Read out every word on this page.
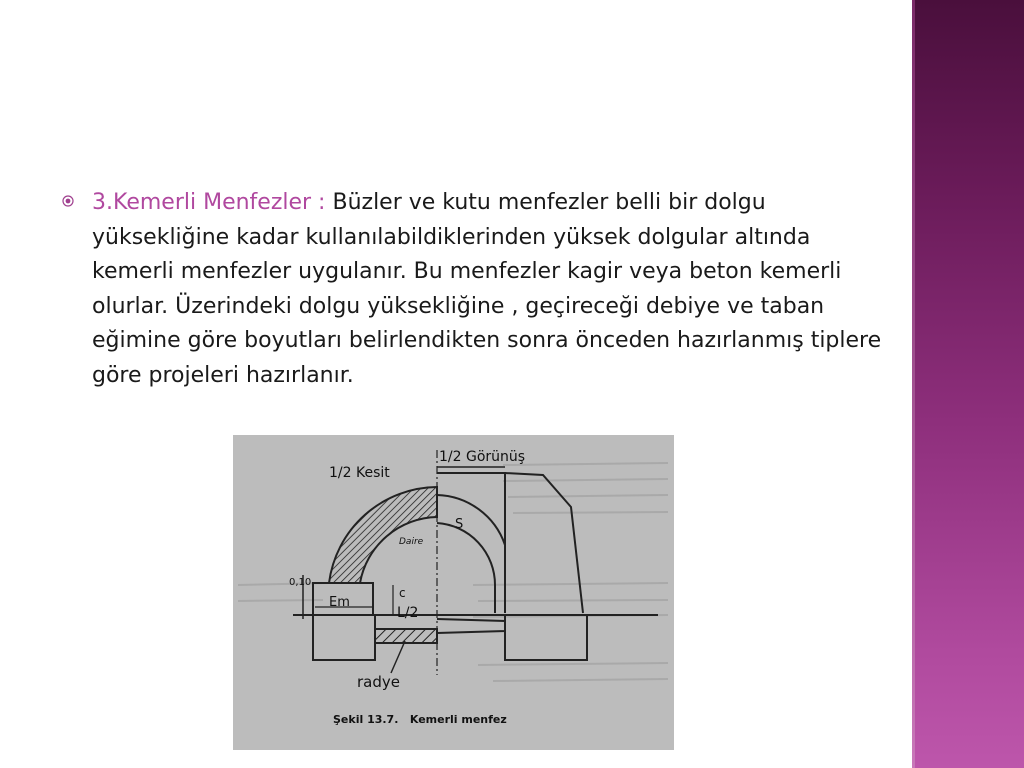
3.Kemerli Menfezler : Büzler ve kutu menfezler belli bir dolgu yüksekliğine kadar kullanılabildiklerinden yüksek dolgular altında kemerli menfezler uygulanır. Bu menfezler kagir veya beton kemerli olurlar. Üzerindeki dolgu yüksekliğine , geçireceği debiye ve taban eğimine göre boyutları belirlendikten sonra önceden hazırlanmış tiplere göre projeleri hazırlanır.

1/2 Kesit
1/2 Görünüş
S
Daire
0,10
Em
c
L/2
radye
Şekil 13.7.   Kemerli menfez
